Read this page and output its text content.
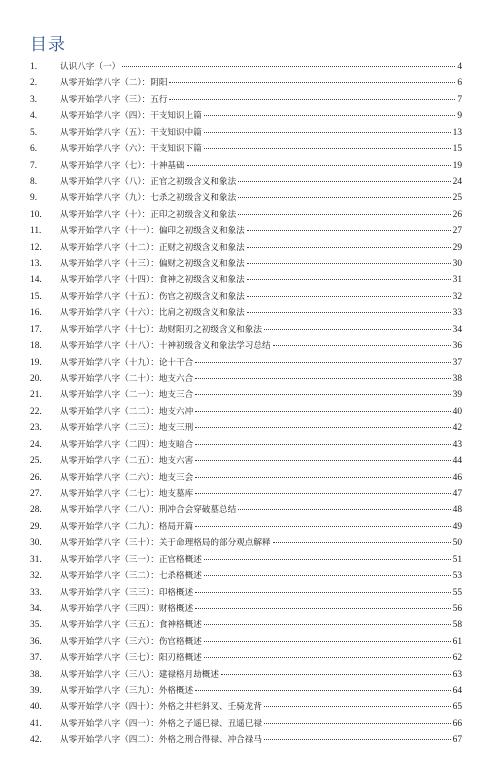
目录
1.	认识八字（一）	4
2.	从零开始学八字（二）：阴阳	6
3.	从零开始学八字（三）：五行	7
4.	从零开始学八字（四）：干支知识上篇	9
5.	从零开始学八字（五）：干支知识中篇	13
6.	从零开始学八字（六）：干支知识下篇	15
7.	从零开始学八字（七）：十神基础	19
8.	从零开始学八字（八）：正官之初级含义和象法	24
9.	从零开始学八字（九）：七杀之初级含义和象法	25
10.	从零开始学八字（十）：正印之初级含义和象法	26
11.	从零开始学八字（十一）：偏印之初级含义和象法	27
12.	从零开始学八字（十二）：正财之初级含义和象法	29
13.	从零开始学八字（十三）：偏财之初级含义和象法	30
14.	从零开始学八字（十四）：食神之初级含义和象法	31
15.	从零开始学八字（十五）：伤官之初级含义和象法	32
16.	从零开始学八字（十六）：比肩之初级含义和象法	33
17.	从零开始学八字（十七）：劫财阳刃之初级含义和象法	34
18.	从零开始学八字（十八）：十神初级含义和象法学习总结	36
19.	从零开始学八字（十九）：论十干合	37
20.	从零开始学八字（二十）：地支六合	38
21.	从零开始学八字（二一）：地支三合	39
22.	从零开始学八字（二二）：地支六冲	40
23.	从零开始学八字（二三）：地支三刑	42
24.	从零开始学八字（二四）：地支暗合	43
25.	从零开始学八字（二五）：地支六害	44
26.	从零开始学八字（二六）：地支三会	46
27.	从零开始学八字（二七）：地支墓库	47
28.	从零开始学八字（二八）：刑冲合会穿破墓总结	48
29.	从零开始学八字（二九）：格局开篇	49
30.	从零开始学八字（三十）：关于命理格局的部分观点解释	50
31.	从零开始学八字（三一）：正官格概述	51
32.	从零开始学八字（三二）：七杀格概述	53
33.	从零开始学八字（三三）：印格概述	55
34.	从零开始学八字（三四）：财格概述	56
35.	从零开始学八字（三五）：食神格概述	58
36.	从零开始学八字（三六）：伤官格概述	61
37.	从零开始学八字（三七）：阳刃格概述	62
38.	从零开始学八字（三八）：建禄格月劫概述	63
39.	从零开始学八字（三九）：外格概述	64
40.	从零开始学八字（四十）：外格之井栏斜叉、壬骑龙背	65
41.	从零开始学八字（四一）：外格之子遥巳禄、丑遥巳禄	66
42.	从零开始学八字（四二）：外格之刑合得禄、冲合禄马	67
